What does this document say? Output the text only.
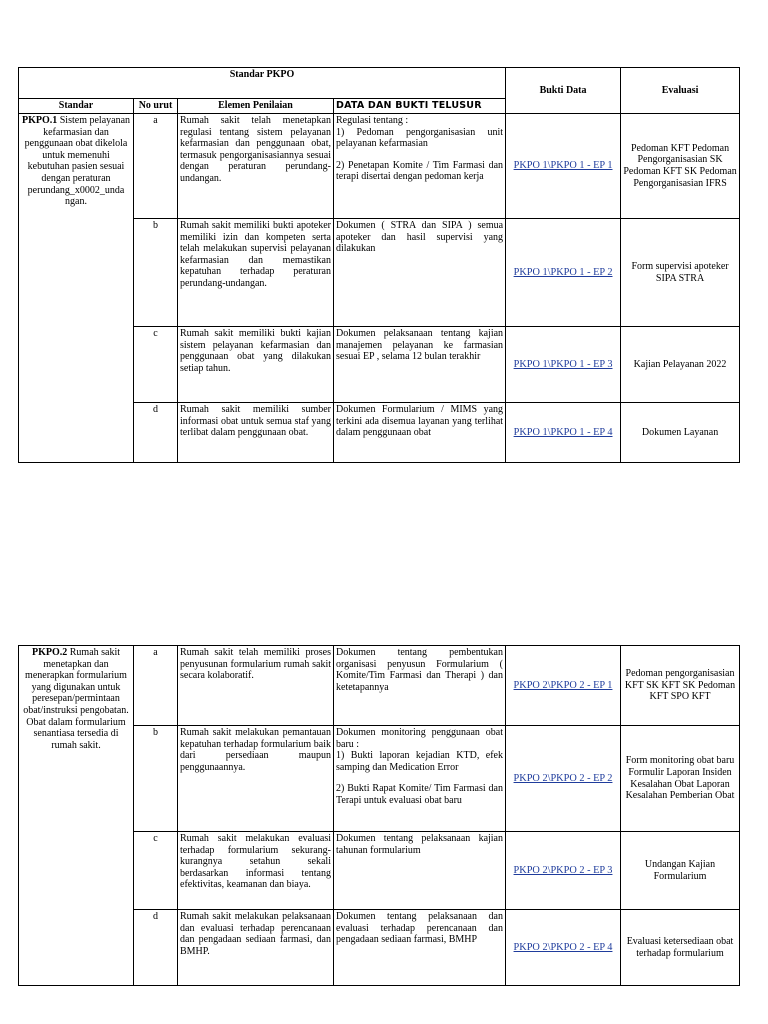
Standar PKPO				Bukti Data	Evaluasi
Standar	No urut	Elemen Penilaian	DATA DAN BUKTI TELUSUR		
PKPO.1 Sistem pelayanan kefarmasian dan penggunaan obat dikelola untuk memenuhi kebutuhan pasien sesuai dengan peraturan perundang_x0002_unda ngan.	a	Rumah sakit telah menetapkan regulasi tentang sistem pelayanan kefarmasian dan penggunaan obat, termasuk pengorganisasiannya sesuai dengan peraturan perundang-undangan.	Regulasi tentang :
1) Pedoman pengorganisasian unit pelayanan kefarmasian
2) Penetapan Komite / Tim Farmasi dan terapi disertai dengan pedoman kerja	PKPO 1\PKPO 1 - EP 1	Pedoman KFT Pedoman Pengorganisasian SK Pedoman KFT SK Pedoman Pengorganisasian IFRS
	b	Rumah sakit memiliki bukti apoteker memiliki izin dan kompeten serta telah melakukan supervisi pelayanan kefarmasian dan memastikan kepatuhan terhadap peraturan perundang-undangan.	Dokumen ( STRA dan SIPA ) semua apoteker dan hasil supervisi yang dilakukan	PKPO 1\PKPO 1 - EP 2	Form supervisi apoteker SIPA STRA
	c	Rumah sakit memiliki bukti kajian sistem pelayanan kefarmasian dan penggunaan obat yang dilakukan setiap tahun.	Dokumen pelaksanaan tentang kajian manajemen pelayanan ke farmasian sesuai EP , selama 12 bulan terakhir	PKPO 1\PKPO 1 - EP 3	Kajian Pelayanan 2022
	d	Rumah sakit memiliki sumber informasi obat untuk semua staf yang terlibat dalam penggunaan obat.	Dokumen Formularium / MIMS yang terkini ada disemua layanan yang terlihat dalam penggunaan obat	PKPO 1\PKPO 1 - EP 4	Dokumen Layanan
PKPO.2 Rumah sakit menetapkan dan menerapkan formularium yang digunakan untuk peresepan/permintaan obat/instruksi pengobatan. Obat dalam formularium senantiasa tersedia di rumah sakit.	a	Rumah sakit telah memiliki proses penyusunan formularium rumah sakit secara kolaboratif.	Dokumen tentang pembentukan organisasi penyusun Formularium ( Komite/Tim Farmasi dan Therapi ) dan ketetapannya	PKPO 2\PKPO 2 - EP 1	Pedoman pengorganisasian KFT SK KFT SK Pedoman KFT SPO KFT
	b	Rumah sakit melakukan pemantauan kepatuhan terhadap formularium baik dari persediaan maupun penggunaannya.	Dokumen monitoring penggunaan obat baru :
1) Bukti laporan kejadian KTD, efek samping dan Medication Error
2) Bukti Rapat Komite/ Tim Farmasi dan Terapi untuk evaluasi obat baru	PKPO 2\PKPO 2 - EP 2	Form monitoring obat baru Formulir Laporan Insiden Kesalahan Obat Laporan Kesalahan Pemberian Obat
	c	Rumah sakit melakukan evaluasi terhadap formularium sekurang- kurangnya setahun sekali berdasarkan informasi tentang efektivitas, keamanan dan biaya.	Dokumen tentang pelaksanaan kajian tahunan formularium	PKPO 2\PKPO 2 - EP 3	Undangan Kajian Formularium
	d	Rumah sakit melakukan pelaksanaan dan evaluasi terhadap perencanaan dan pengadaan sediaan farmasi, dan BMHP.	Dokumen tentang pelaksanaan dan evaluasi terhadap perencanaan dan pengadaan sediaan farmasi, BMHP	PKPO 2\PKPO 2 - EP 4	Evaluasi ketersediaan obat terhadap formularium
